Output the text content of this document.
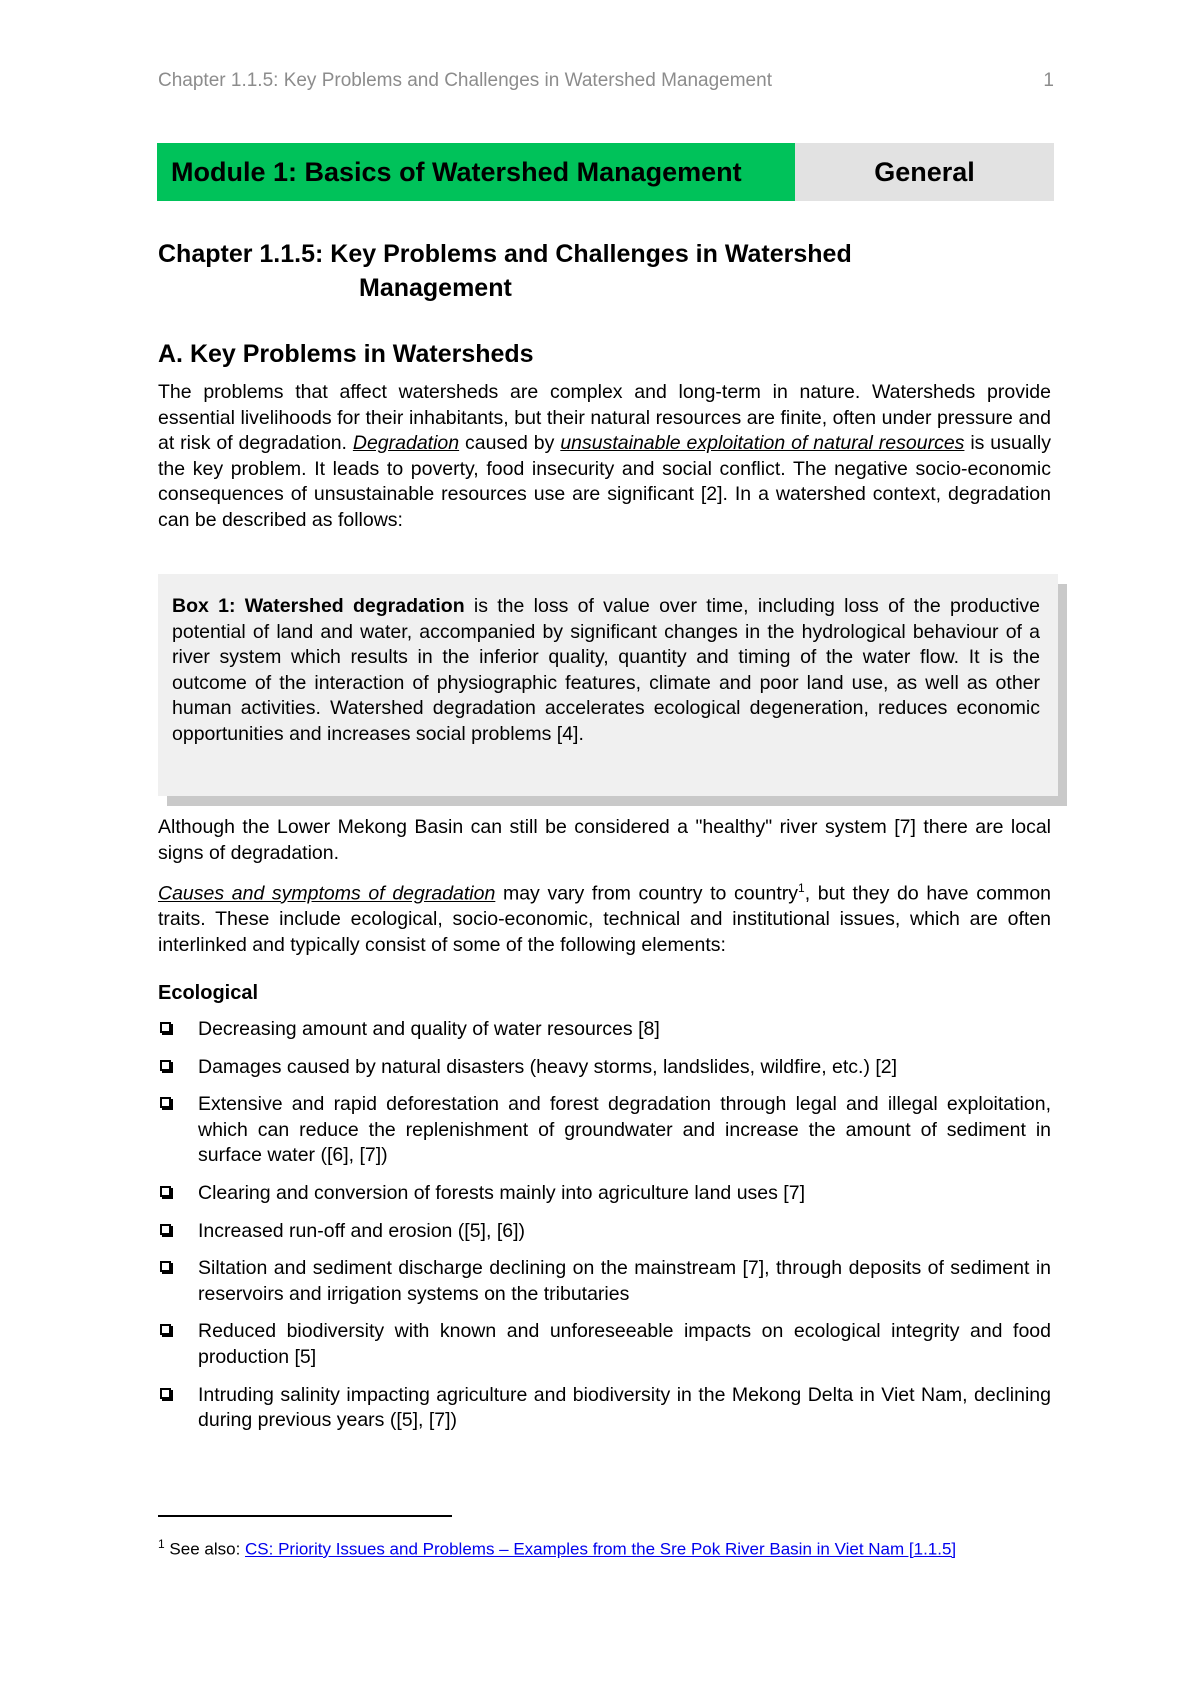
Chapter 1.1.5: Key Problems and Challenges in Watershed Management	1
Module 1: Basics of Watershed Management	General
Chapter 1.1.5: Key Problems and Challenges in Watershed
Management
A. Key Problems in Watersheds
The problems that affect watersheds are complex and long-term in nature. Watersheds provide essential livelihoods for their inhabitants, but their natural resources are finite, often under pressure and at risk of degradation. Degradation caused by unsustainable exploitation of natural resources is usually the key problem. It leads to poverty, food insecurity and social conflict. The negative socio-economic consequences of unsustainable resources use are significant [2]. In a watershed context, degradation can be described as follows:
Box 1: Watershed degradation is the loss of value over time, including loss of the productive potential of land and water, accompanied by significant changes in the hydrological behaviour of a river system which results in the inferior quality, quantity and timing of the water flow. It is the outcome of the interaction of physiographic features, climate and poor land use, as well as other human activities. Watershed degradation accelerates ecological degeneration, reduces economic opportunities and increases social problems [4].
Although the Lower Mekong Basin can still be considered a "healthy" river system [7] there are local signs of degradation.
Causes and symptoms of degradation may vary from country to country$^1$, but they do have common traits. These include ecological, socio-economic, technical and institutional issues, which are often interlinked and typically consist of some of the following elements:
Ecological
Decreasing amount and quality of water resources [8]
Damages caused by natural disasters (heavy storms, landslides, wildfire, etc.) [2]
Extensive and rapid deforestation and forest degradation through legal and illegal exploitation, which can reduce the replenishment of groundwater and increase the amount of sediment in surface water ([6], [7])
Clearing and conversion of forests mainly into agriculture land uses [7]
Increased run-off and erosion ([5], [6])
Siltation and sediment discharge declining on the mainstream [7], through deposits of sediment in reservoirs and irrigation systems on the tributaries
Reduced biodiversity with known and unforeseeable impacts on ecological integrity and food production [5]
Intruding salinity impacting agriculture and biodiversity in the Mekong Delta in Viet Nam, declining during previous years ([5], [7])
$^1$ See also: CS: Priority Issues and Problems – Examples from the Sre Pok River Basin in Viet Nam [1.1.5]
